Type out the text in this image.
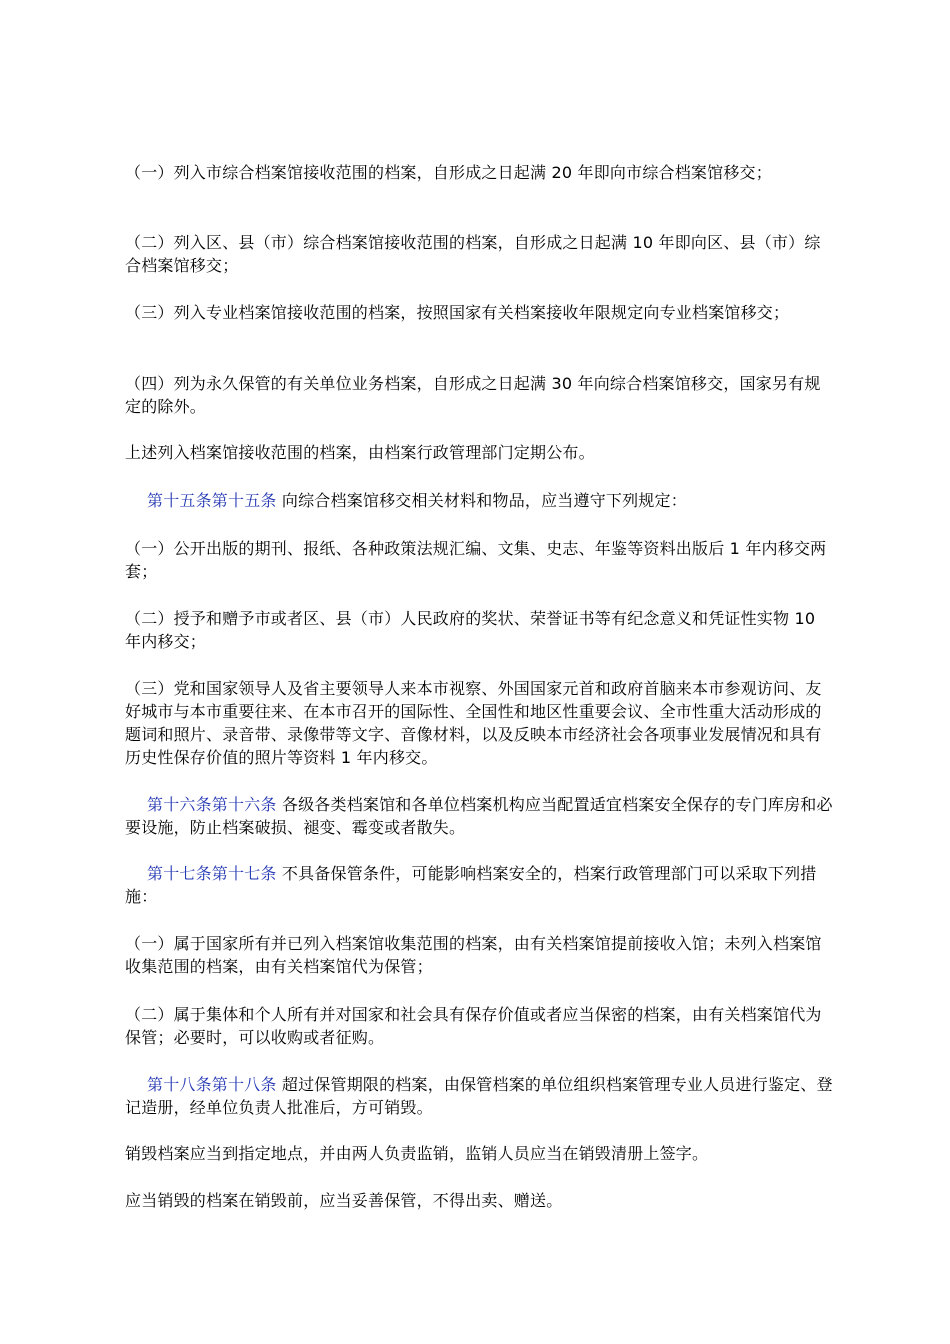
（一）列入市综合档案馆接收范围的档案，自形成之日起满 20 年即向市综合档案馆移交；

（二）列入区、县（市）综合档案馆接收范围的档案，自形成之日起满 10 年即向区、县（市）综合档案馆移交；

（三）列入专业档案馆接收范围的档案，按照国家有关档案接收年限规定向专业档案馆移交；

（四）列为永久保管的有关单位业务档案，自形成之日起满 30 年向综合档案馆移交，国家另有规定的除外。

上述列入档案馆接收范围的档案，由档案行政管理部门定期公布。

第十五条第十五条 向综合档案馆移交相关材料和物品，应当遵守下列规定：

（一）公开出版的期刊、报纸、各种政策法规汇编、文集、史志、年鉴等资料出版后 1 年内移交两套；

（二）授予和赠予市或者区、县（市）人民政府的奖状、荣誉证书等有纪念意义和凭证性实物 10 年内移交；

（三）党和国家领导人及省主要领导人来本市视察、外国国家元首和政府首脑来本市参观访问、友好城市与本市重要往来、在本市召开的国际性、全国性和地区性重要会议、全市性重大活动形成的题词和照片、录音带、录像带等文字、音像材料，以及反映本市经济社会各项事业发展情况和具有历史性保存价值的照片等资料 1 年内移交。

第十六条第十六条 各级各类档案馆和各单位档案机构应当配置适宜档案安全保存的专门库房和必要设施，防止档案破损、褪变、霉变或者散失。

第十七条第十七条 不具备保管条件，可能影响档案安全的，档案行政管理部门可以采取下列措施：

（一）属于国家所有并已列入档案馆收集范围的档案，由有关档案馆提前接收入馆；未列入档案馆收集范围的档案，由有关档案馆代为保管；

（二）属于集体和个人所有并对国家和社会具有保存价值或者应当保密的档案，由有关档案馆代为保管；必要时，可以收购或者征购。

第十八条第十八条 超过保管期限的档案，由保管档案的单位组织档案管理专业人员进行鉴定、登记造册，经单位负责人批准后，方可销毁。

销毁档案应当到指定地点，并由两人负责监销，监销人员应当在销毁清册上签字。

应当销毁的档案在销毁前，应当妥善保管，不得出卖、赠送。
